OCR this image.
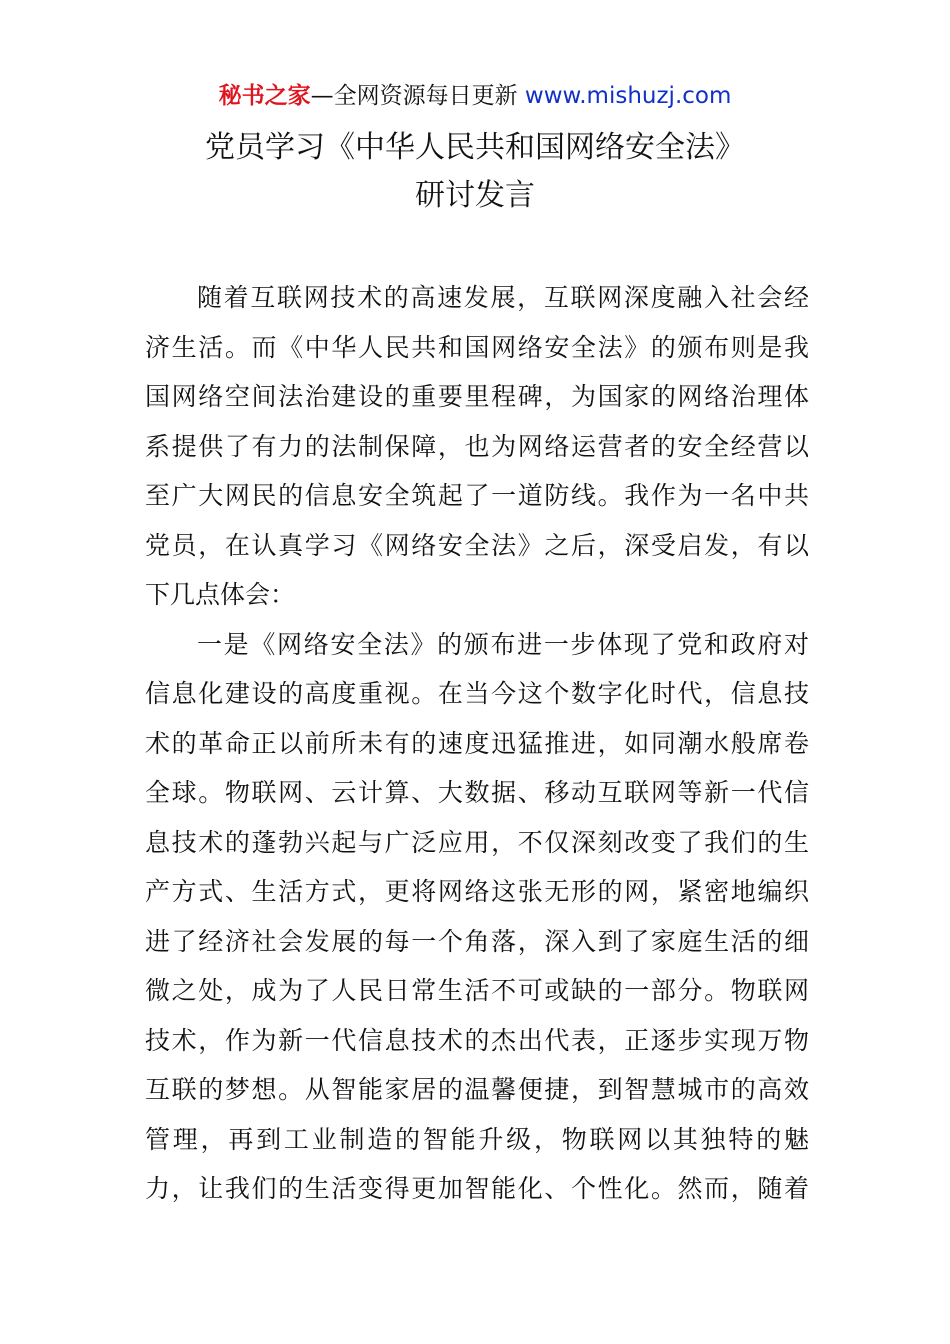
秘书之家—全网资源每日更新 www.mishuzj.com
党员学习《中华人民共和国网络安全法》
研讨发言
随着互联网技术的高速发展，互联网深度融入社会经
济生活。而《中华人民共和国网络安全法》的颁布则是我
国网络空间法治建设的重要里程碑，为国家的网络治理体
系提供了有力的法制保障，也为网络运营者的安全经营以
至广大网民的信息安全筑起了一道防线。我作为一名中共
党员，在认真学习《网络安全法》之后，深受启发，有以
下几点体会：
一是《网络安全法》的颁布进一步体现了党和政府对
信息化建设的高度重视。在当今这个数字化时代，信息技
术的革命正以前所未有的速度迅猛推进，如同潮水般席卷
全球。物联网、云计算、大数据、移动互联网等新一代信
息技术的蓬勃兴起与广泛应用，不仅深刻改变了我们的生
产方式、生活方式，更将网络这张无形的网，紧密地编织
进了经济社会发展的每一个角落，深入到了家庭生活的细
微之处，成为了人民日常生活不可或缺的一部分。物联网
技术，作为新一代信息技术的杰出代表，正逐步实现万物
互联的梦想。从智能家居的温馨便捷，到智慧城市的高效
管理，再到工业制造的智能升级，物联网以其独特的魅
力，让我们的生活变得更加智能化、个性化。然而，随着
